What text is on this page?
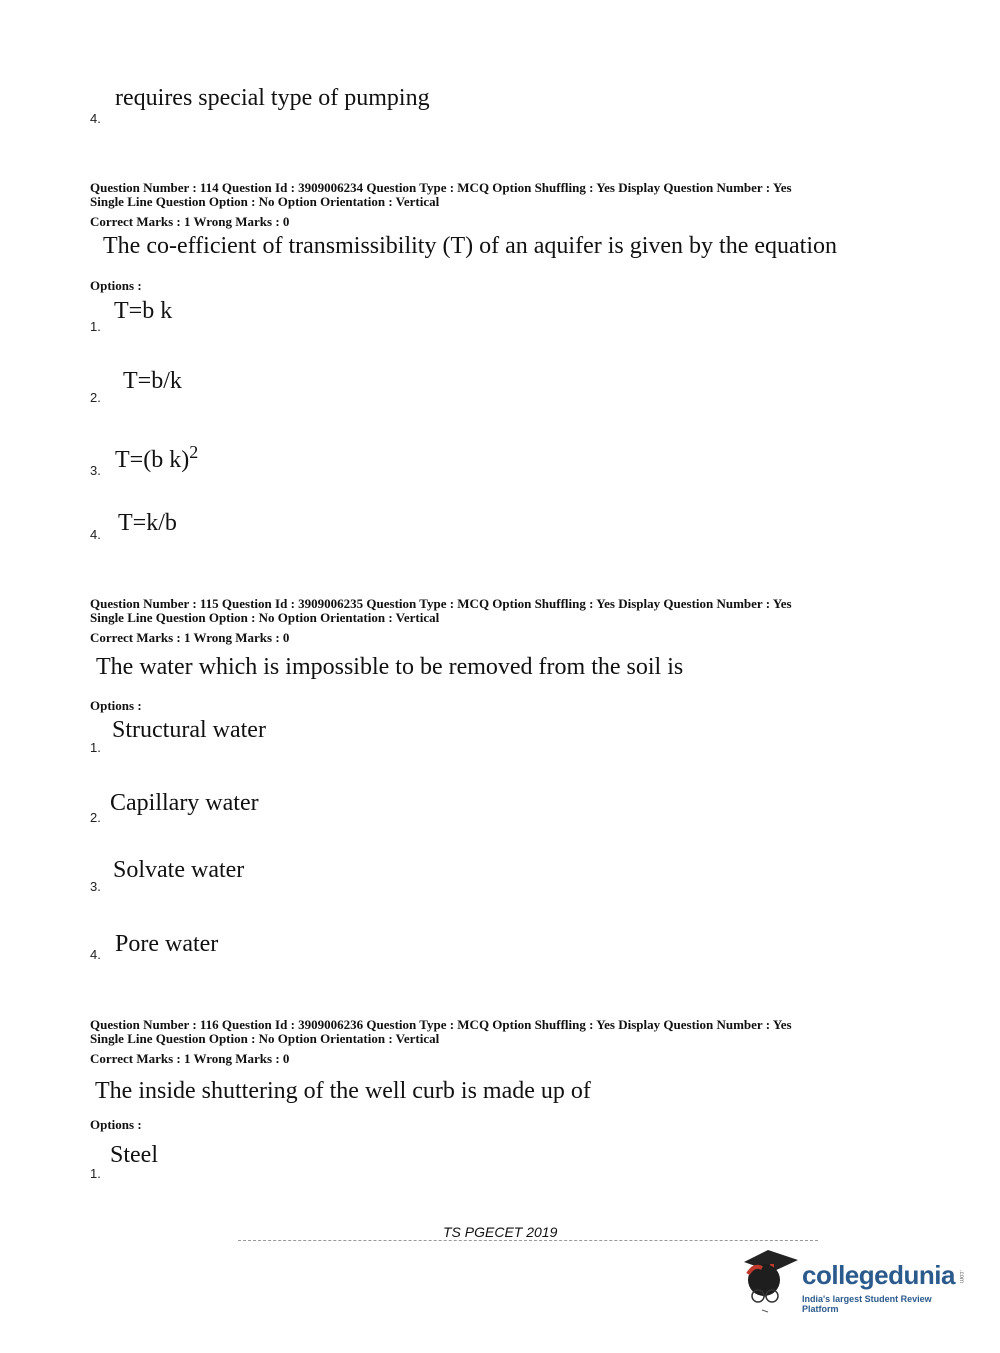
requires special type of pumping
4.
Question Number : 114 Question Id : 3909006234 Question Type : MCQ Option Shuffling : Yes Display Question Number : Yes
Single Line Question Option : No Option Orientation : Vertical
Correct Marks : 1 Wrong Marks : 0
The co-efficient of transmissibility (T) of an aquifer is given by the equation
Options :
T=b k
1.
T=b/k
2.
T=(b k)$^2$
3.
T=k/b
4.
Question Number : 115 Question Id : 3909006235 Question Type : MCQ Option Shuffling : Yes Display Question Number : Yes
Single Line Question Option : No Option Orientation : Vertical
Correct Marks : 1 Wrong Marks : 0
The water which is impossible to be removed from the soil is
Options :
Structural water
1.
Capillary water
2.
Solvate water
3.
Pore water
4.
Question Number : 116 Question Id : 3909006236 Question Type : MCQ Option Shuffling : Yes Display Question Number : Yes
Single Line Question Option : No Option Orientation : Vertical
Correct Marks : 1 Wrong Marks : 0
The inside shuttering of the well curb is made up of
Options :
Steel
1.
TS PGECET 2019
collegedunia .com
India's largest Student Review Platform
